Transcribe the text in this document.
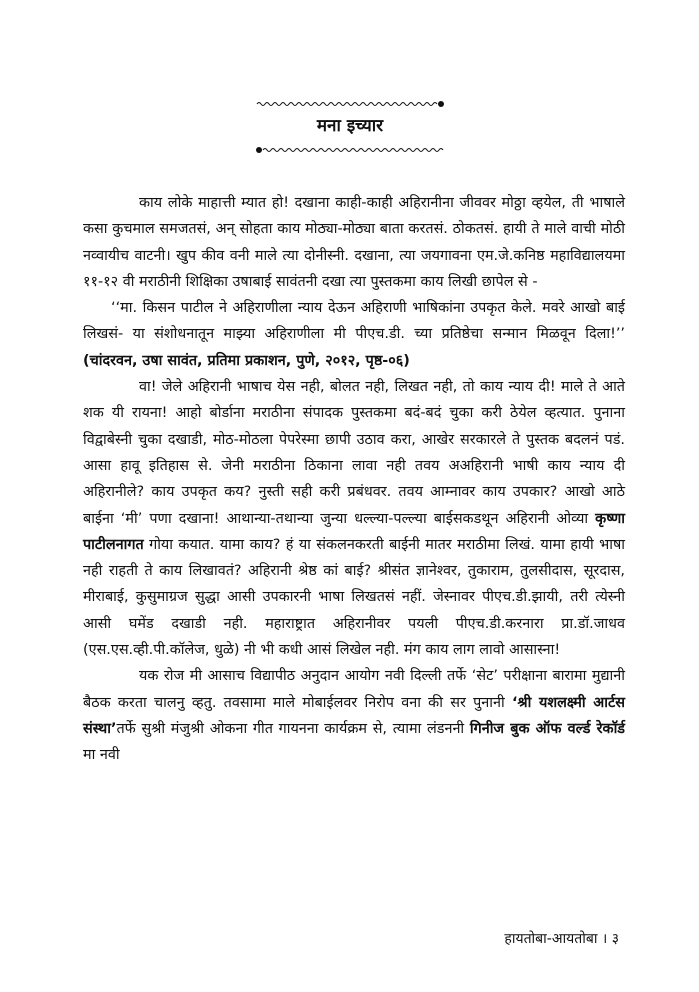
मना इच्यार

काय लोके माहात्ती म्यात हो! दखाना काही-काही अहिरानीना जीववर मोठ्ठा व्हयेल, ती भाषाले कसा कुचमाल समजतसं, अन् सोहता काय मोठ्या-मोठ्या बाता करतसं. ठोकतसं. हायी ते माले वाची मोठी नव्वायीच वाटनी। खुप कीव वनी माले त्या दोनीस्नी. दखाना, त्या जयगावना एम.जे.कनिष्ठ महाविद्यालयमा ११-१२ वी मराठीनी शिक्षिका उषाबाई सावंतनी दखा त्या पुस्तकमा काय लिखी छापेल से -

‘‘मा. किसन पाटील ने अहिराणीला न्याय देऊन अहिराणी भाषिकांना उपकृत केले. मवरे आखो बाई लिखसं- या संशोधनातून माझ्या अहिराणीला मी पीएच.डी. च्या प्रतिष्ठेचा सन्मान मिळवून दिला!’’ (चांदरवन, उषा सावंत, प्रतिमा प्रकाशन, पुणे, २०१२, पृष्ठ-०६)

वा! जेले अहिरानी भाषाच येस नही, बोलत नही, लिखत नही, तो काय न्याय दी! माले ते आते शक यी रायना! आहो बोर्डाना मराठीना संपादक पुस्तकमा बदं-बदं चुका करी ठेयेल व्हत्यात. पुनाना विद्वाबेस्नी चुका दखाडी, मोठ-मोठला पेपरेस्मा छापी उठाव करा, आखेर सरकारले ते पुस्तक बदलनं पडं. आसा हावू इतिहास से. जेनी मराठीना ठिकाना लावा नही तवय अअहिरानी भाषी काय न्याय दी अहिरानीले? काय उपकृत कय? नुस्ती सही करी प्रबंधवर. तवय आम्नावर काय उपकार? आखो आठे बाईना ‘मी’ पणा दखाना! आथान्या-तथान्या जुन्या धल्ल्या-पल्ल्या बाईसकडथून अहिरानी ओव्या कृष्णा पाटीलनागत गोया कयात. यामा काय? हं या संकलनकरती बाईनी मातर मराठीमा लिखं. यामा हायी भाषा नही राहती ते काय लिखावतं? अहिरानी श्रेष्ठ कां बाई? श्रीसंत ज्ञानेश्वर, तुकाराम, तुलसीदास, सूरदास, मीराबाई, कुसुमाग्रज सुद्धा आसी उपकारनी भाषा लिखतसं नहीं. जेस्नावर पीएच.डी.झायी, तरी त्येस्नी आसी घमेंड दखाडी नही. महाराष्ट्रात अहिरानीवर पयली पीएच.डी.करनारा प्रा.डॉ.जाधव (एस.एस.व्ही.पी.कॉलेज, धुळे) नी भी कधी आसं लिखेल नही. मंग काय लाग लावो आसास्ना!

यक रोज मी आसाच विद्यापीठ अनुदान आयोग नवी दिल्ली तर्फे ‘सेट’ परीक्षाना बारामा मुद्यानी बैठक करता चालनु व्हतु. तवसामा माले मोबाईलवर निरोप वना की सर पुनानी ‘श्री यशलक्ष्मी आर्टस संस्था’तर्फे सुश्री मंजुश्री ओकना गीत गायनना कार्यक्रम से, त्यामा लंडननी गिनीज बुक ऑफ वर्ल्ड रेकॉर्ड मा नवी

हायतोबा-आयतोबा । ३
